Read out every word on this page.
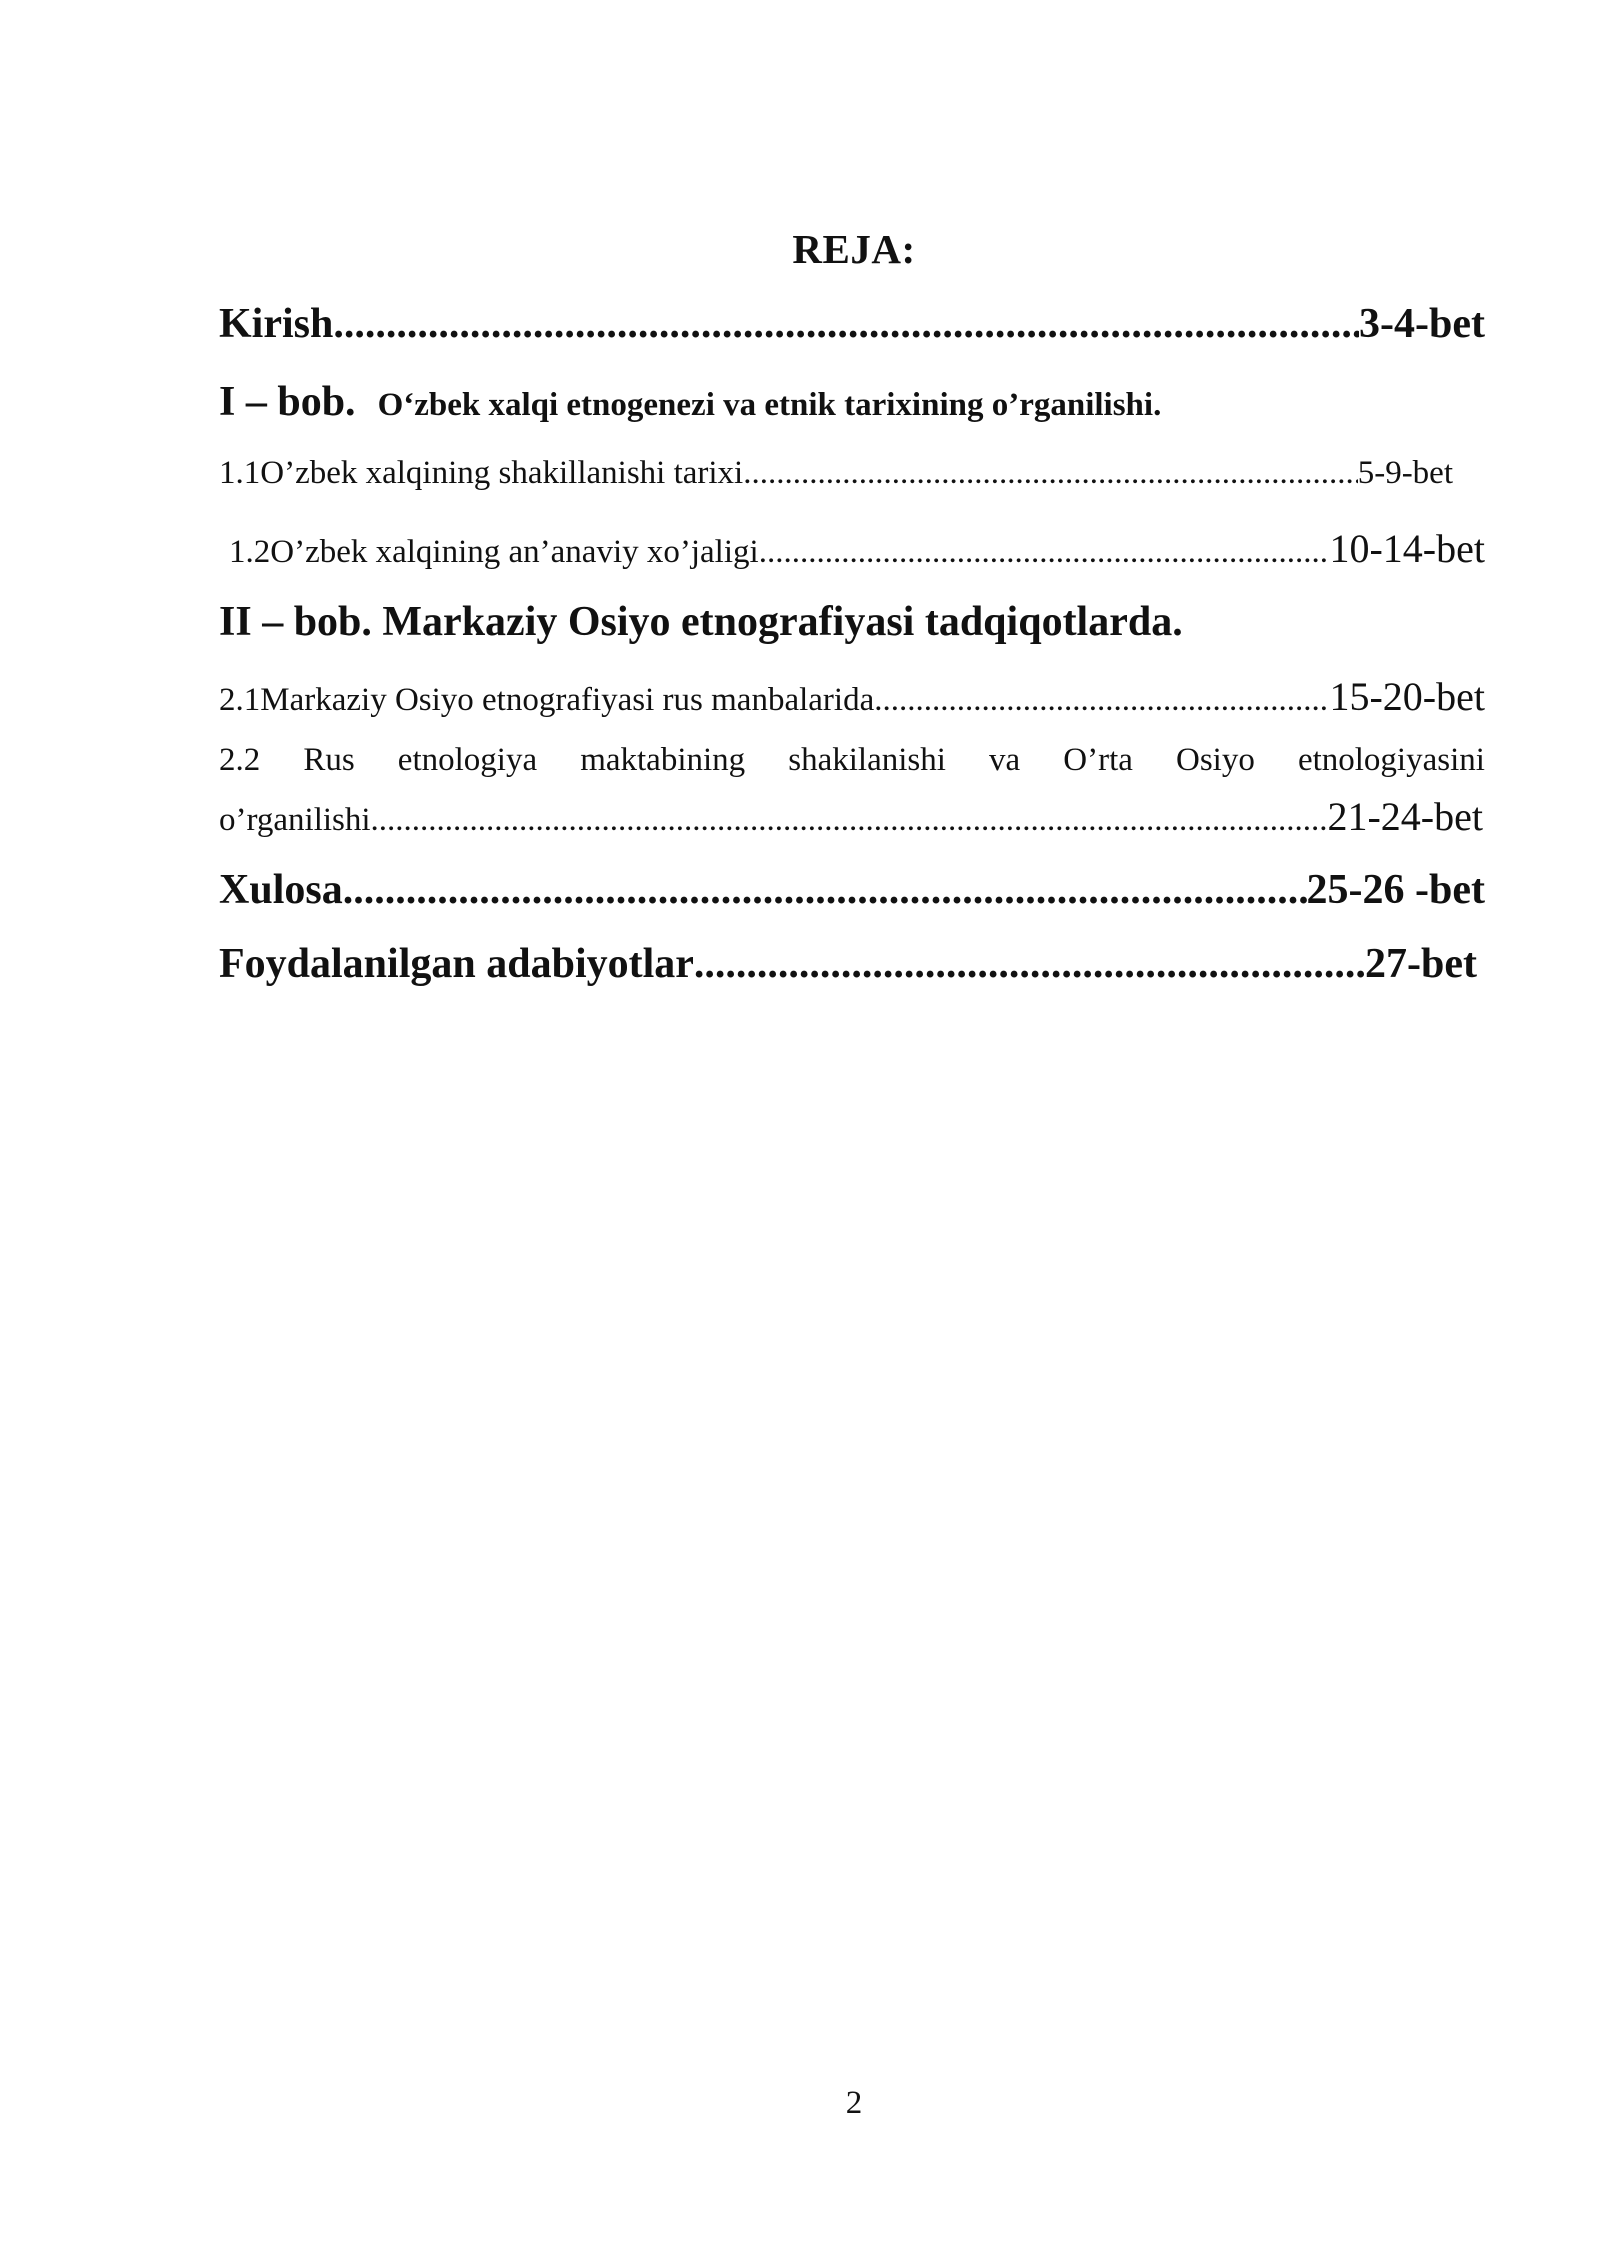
REJA:
Kirish .....	3-4-bet
I – bob. O‘zbek xalqi etnogenezi va etnik tarixining o’rganilishi.
1.1 O’zbek xalqining shakillanishi tarixi .....	5-9-bet
1.2 O’zbek xalqining an’anaviy xo’jaligi .....	10-14-bet
II – bob. Markaziy Osiyo etnografiyasi tadqiqotlarda.
2.1 Markaziy Osiyo etnografiyasi rus manbalarida .....	15-20-bet
2.2 Rus etnologiya maktabining shakilanishi va O’rta Osiyo etnologiyasini
o’rganilishi .....	21-24-bet
Xulosa .....	25-26 -bet
Foydalanilgan adabiyotlar .....	27-bet
2
